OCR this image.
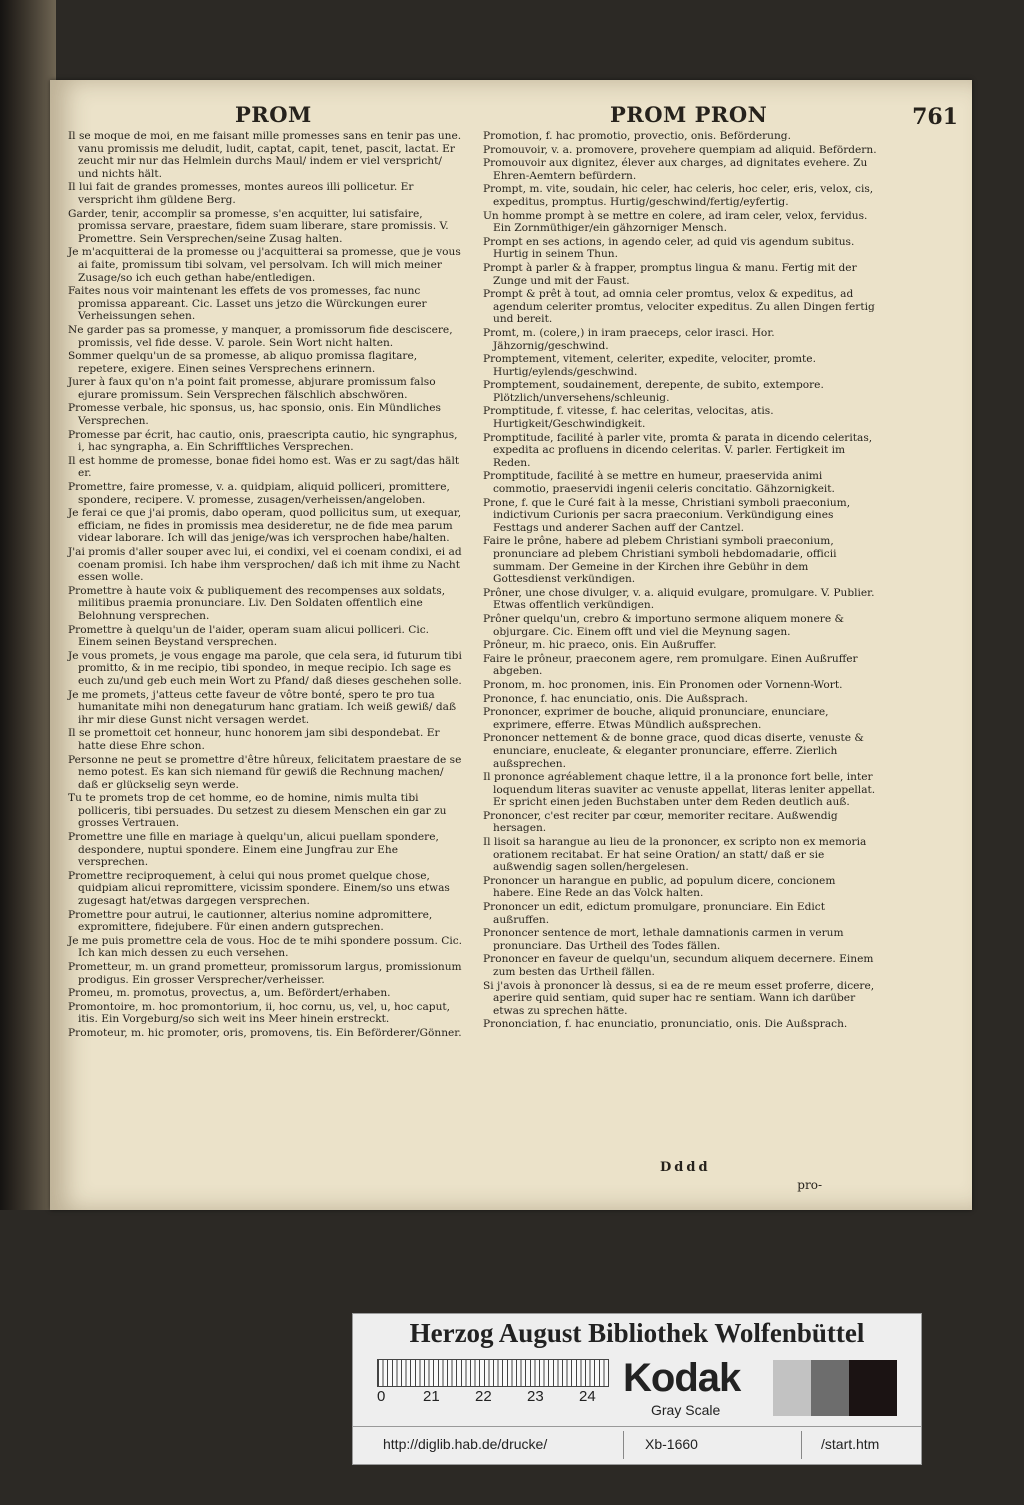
PROM	PROM PRON	761

Il se moque de moi, en me faisant mille promesses sans en tenir pas une. vanu promissis me deludit, ludit, captat, capit, tenet, pascit, lactat. Er zeucht mir nur das Helmlein durchs Maul/ indem er viel verspricht/ und nichts hält.

Il lui fait de grandes promesses, montes aureos illi pollicetur. Er verspricht ihm güldene Berg.

Garder, tenir, accomplir sa promesse, s'en acquitter, lui satisfaire, promissa servare, praestare, fidem suam liberare, stare promissis. V. Promettre. Sein Versprechen/seine Zusag halten.

Je m'acquitterai de la promesse ou j'acquitterai sa promesse, que je vous ai faite, promissum tibi solvam, vel persolvam. Ich will mich meiner Zusage/so ich euch gethan habe/entledigen.

Faites nous voir maintenant les effets de vos promesses, fac nunc promissa appareant. Cic. Lasset uns jetzo die Würckungen eurer Verheissungen sehen.

Ne garder pas sa promesse, y manquer, a promissorum fide desciscere, promissis, vel fide desse. V. parole. Sein Wort nicht halten.

Sommer quelqu'un de sa promesse, ab aliquo promissa flagitare, repetere, exigere. Einen seines Versprechens erinnern.

Jurer à faux qu'on n'a point fait promesse, abjurare promissum falso ejurare promissum. Sein Versprechen fälschlich abschwören.

Promesse verbale, hic sponsus, us, hac sponsio, onis. Ein Mündliches Versprechen.

Promesse par écrit, hac cautio, onis, praescripta cautio, hic syngraphus, i, hac syngrapha, a. Ein Schrifftliches Versprechen.

Il est homme de promesse, bonae fidei homo est. Was er zu sagt/das hält er.

Promettre, faire promesse, v. a. quidpiam, aliquid polliceri, promittere, spondere, recipere. V. promesse, zusagen/verheissen/angeloben.

Je ferai ce que j'ai promis, dabo operam, quod pollicitus sum, ut exequar, efficiam, ne fides in promissis mea desideretur, ne de fide mea parum videar laborare. Ich will das jenige/was ich versprochen habe/halten.

J'ai promis d'aller souper avec lui, ei condixi, vel ei coenam condixi, ei ad coenam promisi. Ich habe ihm versprochen/ daß ich mit ihme zu Nacht essen wolle.

Promettre à haute voix & publiquement des recompenses aux soldats, militibus praemia pronunciare. Liv. Den Soldaten offentlich eine Belohnung versprechen.

Promettre à quelqu'un de l'aider, operam suam alicui polliceri. Cic. Einem seinen Beystand versprechen.

Je vous promets, je vous engage ma parole, que cela sera, id futurum tibi promitto, & in me recipio, tibi spondeo, in meque recipio. Ich sage es euch zu/und geb euch mein Wort zu Pfand/ daß dieses geschehen solle.

Je me promets, j'atteus cette faveur de vôtre bonté, spero te pro tua humanitate mihi non denegaturum hanc gratiam. Ich weiß gewiß/ daß ihr mir diese Gunst nicht versagen werdet.

Il se promettoit cet honneur, hunc honorem jam sibi despondebat. Er hatte diese Ehre schon.

Personne ne peut se promettre d'être hûreux, felicitatem praestare de se nemo potest. Es kan sich niemand für gewiß die Rechnung machen/ daß er glückselig seyn werde.

Tu te promets trop de cet homme, eo de homine, nimis multa tibi polliceris, tibi persuades. Du setzest zu diesem Menschen ein gar zu grosses Vertrauen.

Promettre une fille en mariage à quelqu'un, alicui puellam spondere, despondere, nuptui spondere. Einem eine Jungfrau zur Ehe versprechen.

Promettre reciproquement, à celui qui nous promet quelque chose, quidpiam alicui repromittere, vicissim spondere. Einem/so uns etwas zugesagt hat/etwas dargegen versprechen.

Promettre pour autrui, le cautionner, alterius nomine adpromittere, expromittere, fidejubere. Für einen andern gutsprechen.

Je me puis promettre cela de vous. Hoc de te mihi spondere possum. Cic. Ich kan mich dessen zu euch versehen.

Prometteur, m. un grand prometteur, promissorum largus, promissionum prodigus. Ein grosser Versprecher/verheisser.

Promeu, m. promotus, provectus, a, um. Befördert/erhaben.

Promontoire, m. hoc promontorium, ii, hoc cornu, us, vel, u, hoc caput, itis. Ein Vorgeburg/so sich weit ins Meer hinein erstreckt.

Promoteur, m. hic promoter, oris, promovens, tis. Ein Beförderer/Gönner.

Promotion, f. hac promotio, provectio, onis. Beförderung.

Promouvoir, v. a. promovere, provehere quempiam ad aliquid. Befördern.

Promouvoir aux dignitez, élever aux charges, ad dignitates evehere. Zu Ehren-Aemtern befürdern.

Prompt, m. vite, soudain, hic celer, hac celeris, hoc celer, eris, velox, cis, expeditus, promptus. Hurtig/geschwind/fertig/eyfertig.

Un homme prompt à se mettre en colere, ad iram celer, velox, fervidus. Ein Zornmüthiger/ein gähzorniger Mensch.

Prompt en ses actions, in agendo celer, ad quid vis agendum subitus. Hurtig in seinem Thun.

Prompt à parler & à frapper, promptus lingua & manu. Fertig mit der Zunge und mit der Faust.

Prompt & prêt à tout, ad omnia celer promtus, velox & expeditus, ad agendum celeriter promtus, velociter expeditus. Zu allen Dingen fertig und bereit.

Promt, m. (colere,) in iram praeceps, celor irasci. Hor. Jähzornig/geschwind.

Promptement, vitement, celeriter, expedite, velociter, promte. Hurtig/eylends/geschwind.

Promptement, soudainement, derepente, de subito, extempore. Plötzlich/unversehens/schleunig.

Promptitude, f. vitesse, f. hac celeritas, velocitas, atis. Hurtigkeit/Geschwindigkeit.

Promptitude, facilité à parler vite, promta & parata in dicendo celeritas, expedita ac profluens in dicendo celeritas. V. parler. Fertigkeit im Reden.

Promptitude, facilité à se mettre en humeur, praeservida animi commotio, praeservidi ingenii celeris concitatio. Gähzornigkeit.

Prone, f. que le Curé fait à la messe, Christiani symboli praeconium, indictivum Curionis per sacra praeconium. Verkündigung eines Festtags und anderer Sachen auff der Cantzel.

Faire le prône, habere ad plebem Christiani symboli praeconium, pronunciare ad plebem Christiani symboli hebdomadarie, officii summam. Der Gemeine in der Kirchen ihre Gebühr in dem Gottesdienst verkündigen.

Prôner, une chose divulger, v. a. aliquid evulgare, promulgare. V. Publier. Etwas offentlich verkündigen.

Prôner quelqu'un, crebro & importuno sermone aliquem monere & objurgare. Cic. Einem offt und viel die Meynung sagen.

Prôneur, m. hic praeco, onis. Ein Außruffer.

Faire le prôneur, praeconem agere, rem promulgare. Einen Außruffer abgeben.

Pronom, m. hoc pronomen, inis. Ein Pronomen oder Vornenn-Wort.

Prononce, f. hac enunciatio, onis. Die Außsprach.

Prononcer, exprimer de bouche, aliquid pronunciare, enunciare, exprimere, efferre. Etwas Mündlich außsprechen.

Prononcer nettement & de bonne grace, quod dicas diserte, venuste & enunciare, enucleate, & eleganter pronunciare, efferre. Zierlich außsprechen.

Il prononce agréablement chaque lettre, il a la prononce fort belle, inter loquendum literas suaviter ac venuste appellat, literas leniter appellat. Er spricht einen jeden Buchstaben unter dem Reden deutlich auß.

Prononcer, c'est reciter par cœur, memoriter recitare. Außwendig hersagen.

Il lisoit sa harangue au lieu de la prononcer, ex scripto non ex memoria orationem recitabat. Er hat seine Oration/ an statt/ daß er sie außwendig sagen sollen/hergelesen.

Prononcer un harangue en public, ad populum dicere, concionem habere. Eine Rede an das Volck halten.

Prononcer un edit, edictum promulgare, pronunciare. Ein Edict außruffen.

Prononcer sentence de mort, lethale damnationis carmen in verum pronunciare. Das Urtheil des Todes fällen.

Prononcer en faveur de quelqu'un, secundum aliquem decernere. Einem zum besten das Urtheil fällen.

Si j'avois à prononcer là dessus, si ea de re meum esset proferre, dicere, aperire quid sentiam, quid super hac re sentiam. Wann ich darüber etwas zu sprechen hätte.

Prononciation, f. hac enunciatio, pronunciatio, onis. Die Außsprach.

Dddd
pro-
Herzog August Bibliothek Wolfenbüttel
0	21 22 23 24 Kodak
Gray Scale
http://diglib.hab.de/drucke/	Xb-1660	/start.htm
